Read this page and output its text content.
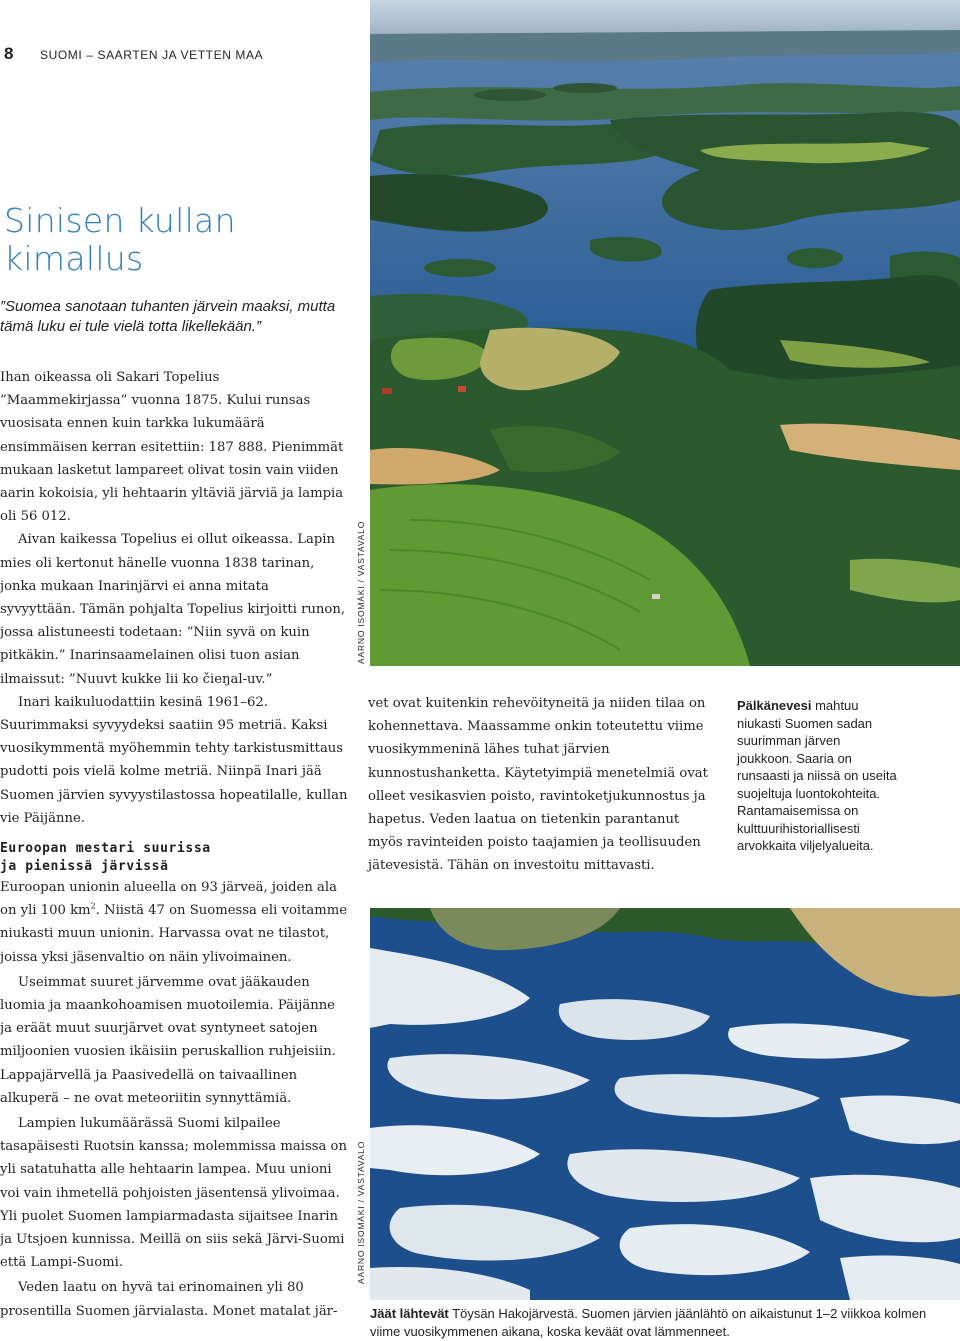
8 SUOMI – SAARTEN JA VETTEN MAA
Sinisen kullan
kimallus
”Suomea sanotaan tuhanten järvein maaksi, mutta tämä luku ei tule vielä totta likellekään.”

Ihan oikeassa oli Sakari Topelius ”Maammekirjassa” vuonna 1875. Kului runsas vuosisata ennen kuin tarkka lukumäärä ensimmäisen kerran esitettiin: 187 888. Pienimmät mukaan lasketut lampareet olivat tosin vain viiden aarin kokoisia, yli hehtaarin yltäviä järviä ja lampia oli 56 012.

Aivan kaikessa Topelius ei ollut oikeassa. Lapin mies oli kertonut hänelle vuonna 1838 tarinan, jonka mukaan Inarinjärvi ei anna mitata syvyyttään. Tämän pohjalta Topelius kirjoitti runon, jossa alistuneesti todetaan: ”Niin syvä on kuin pitkäkin.” Inarinsaamelainen olisi tuon asian ilmaissut: ”Nuuvt kukke lii ko čieŋal-uv.”

Inari kaikuluodattiin kesinä 1961–62. Suurimmaksi syvyydeksi saatiin 95 metriä. Kaksi vuosikymmentä myöhemmin tehty tarkistusmittaus pudotti pois vielä kolme metriä. Niinpä Inari jää Suomen järvien syvyystilastossa hopeatilalle, kullan vie Päijänne.

Euroopan mestari suurissa
ja pienissä järvissä

Euroopan unionin alueella on 93 järveä, joiden ala on yli 100 $km^2$. Niistä 47 on Suomessa eli voitamme niukasti muun unionin. Harvassa ovat ne tilastot, joissa yksi jäsenvaltio on näin ylivoimainen.

Useimmat suuret järvemme ovat jääkauden luomia ja maankohoamisen muotoilemia. Päijänne ja eräät muut suurjärvet ovat syntyneet satojen miljoonien vuosien ikäisiin peruskallion ruhjeisiin. Lappajärvellä ja Paasivedellä on taivaallinen alkuperä – ne ovat meteoriitin synnyttämiä.

Lampien lukumäärässä Suomi kilpailee tasapäisesti Ruotsin kanssa; molemmissa maissa on yli satatuhatta alle hehtaarin lampea. Muu unioni voi vain ihmetellä pohjoisten jäsentensä ylivoimaa. Yli puolet Suomen lampiarmadasta sijaitsee Inarin ja Utsjoen kunnissa. Meillä on siis sekä Järvi-Suomi että Lampi-Suomi.

Veden laatu on hyvä tai erinomainen yli 80 prosentilla Suomen järvialasta. Monet matalat jär-

vet ovat kuitenkin rehevöityneitä ja niiden tilaa on kohennettava. Maassamme onkin toteutettu viime vuosikymmeninä lähes tuhat järvien kunnostushanketta. Käytetyimpiä menetelmiä ovat olleet vesikasvien poisto, ravintoketjukunnostus ja hapetus. Veden laatua on tietenkin parantanut myös ravinteiden poisto taajamien ja teollisuuden jätevesistä. Tähän on investoitu mittavasti.

Pälkänevesi mahtuu niukasti Suomen sadan suurimman järven joukkoon. Saaria on runsaasti ja niissä on useita suojeltuja luontokohteita. Rantamaisemissa on kulttuurihistoriallisesti arvokkaita viljelyalueita.
AARNO ISOMÄKI / VASTAVALO
AARNO ISOMÄKI / VASTAVALO
Jäät lähtevät Töysän Hakojärvestä. Suomen järvien jäänlähtö on aikaistunut 1–2 viikkoa kolmen viime vuosikymmenen aikana, koska keväät ovat lämmenneet.
